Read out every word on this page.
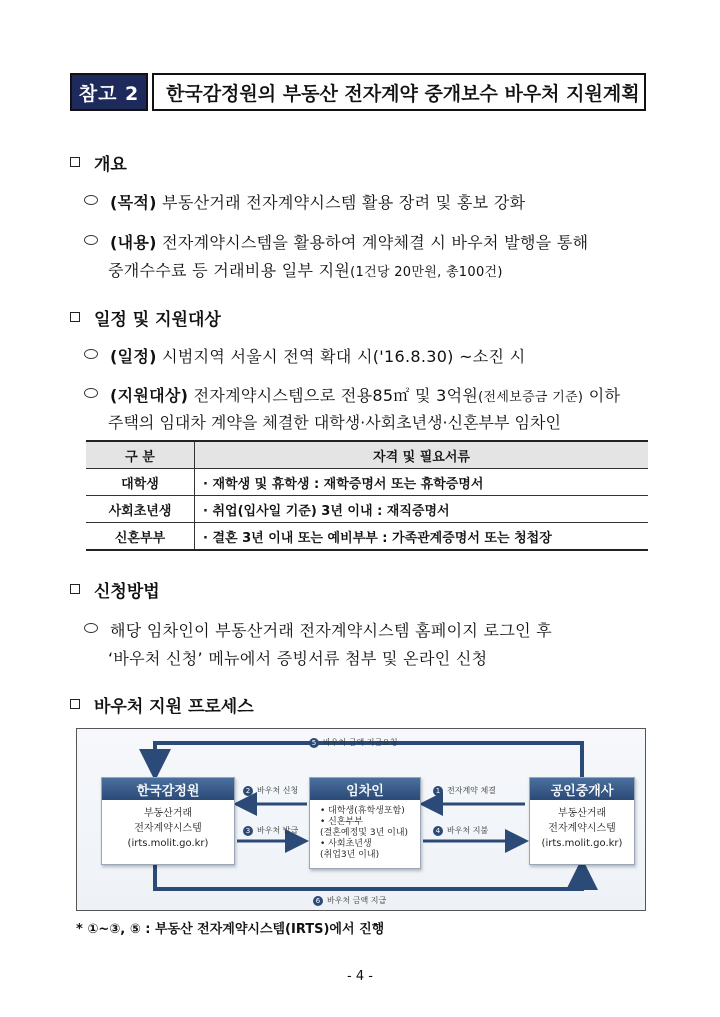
참고 2	한국감정원의 부동산 전자계약 중개보수 바우처 지원계획
개요
(목적) 부동산거래 전자계약시스템 활용 장려 및 홍보 강화
(내용) 전자계약시스템을 활용하여 계약체결 시 바우처 발행을 통해
중개수수료 등 거래비용 일부 지원(1건당 20만원, 총100건)
일정 및 지원대상
(일정) 시범지역 서울시 전역 확대 시('16.8.30) ~소진 시
(지원대상) 전자계약시스템으로 전용85㎡ 및 3억원(전세보증금 기준) 이하
주택의 임대차 계약을 체결한 대학생·사회초년생·신혼부부 임차인
구 분	자격 및 필요서류
대학생	· 재학생 및 휴학생 : 재학증명서 또는 휴학증명서
사회초년생	· 취업(입사일 기준) 3년 이내 : 재직증명서
신혼부부	· 결혼 3년 이내 또는 예비부부 : 가족관계증명서 또는 청첩장
신청방법
해당 임차인이 부동산거래 전자계약시스템 홈페이지 로그인 후
‘바우처 신청’ 메뉴에서 증빙서류 첨부 및 온라인 신청
바우처 지원 프로세스
5 바우처 금액 지급요청
6 바우처 금액 지급
2 바우처 신청
3 바우처 발급
1 전자계약 체결
4 바우처 지불
한국감정원
부동산거래
전자계약시스템
(irts.molit.go.kr)
임차인
• 대학생(휴학생포함)
• 신혼부부
(결혼예정및 3년 이내)
• 사회초년생
(취업3년 이내)
공인중개사
부동산거래
전자계약시스템
(irts.molit.go.kr)
* ①~③, ⑤ : 부동산 전자계약시스템(IRTS)에서 진행
- 4 -
